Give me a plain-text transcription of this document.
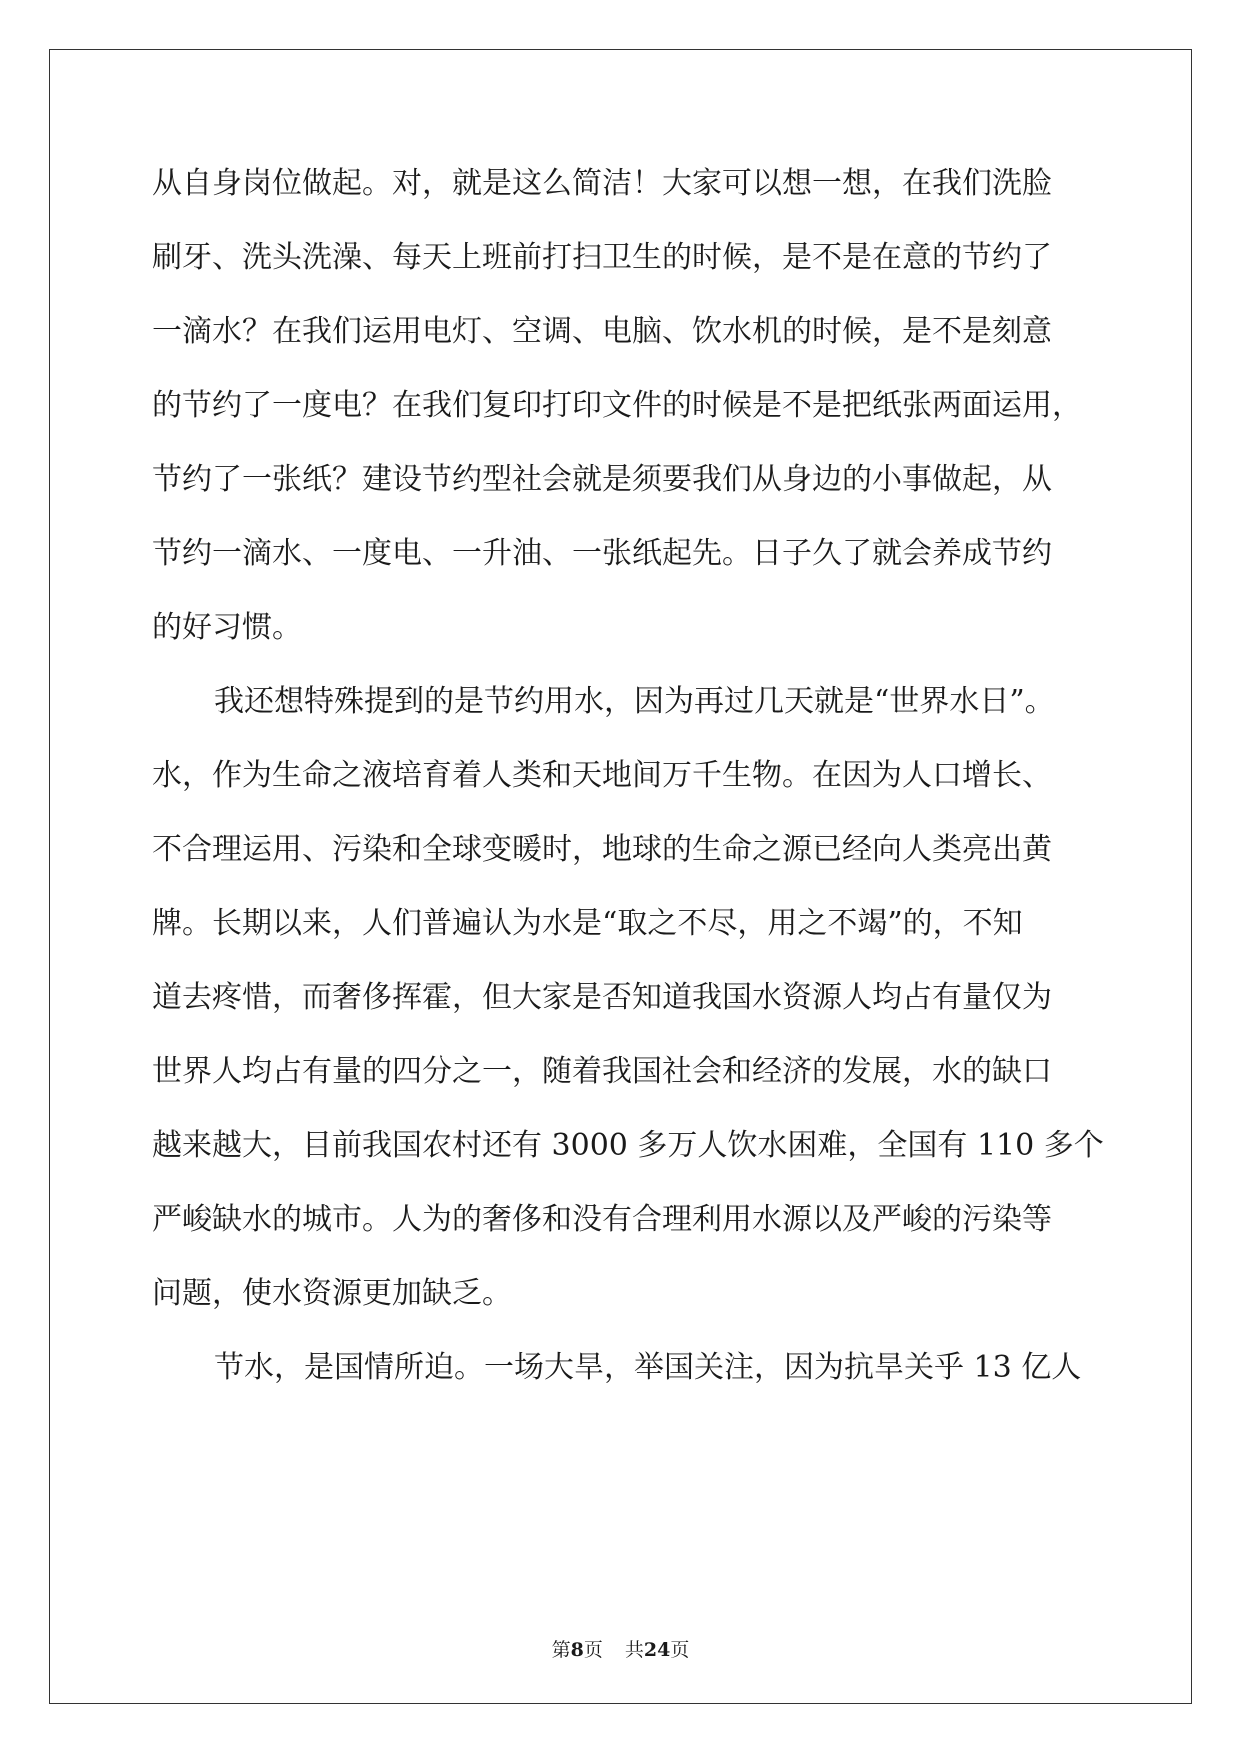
从自身岗位做起。对，就是这么简洁！大家可以想一想，在我们洗脸
刷牙、洗头洗澡、每天上班前打扫卫生的时候，是不是在意的节约了
一滴水？在我们运用电灯、空调、电脑、饮水机的时候，是不是刻意
的节约了一度电？在我们复印打印文件的时候是不是把纸张两面运用，
节约了一张纸？建设节约型社会就是须要我们从身边的小事做起，从
节约一滴水、一度电、一升油、一张纸起先。日子久了就会养成节约
的好习惯。
我还想特殊提到的是节约用水，因为再过几天就是“世界水日”。
水，作为生命之液培育着人类和天地间万千生物。在因为人口增长、
不合理运用、污染和全球变暖时，地球的生命之源已经向人类亮出黄
牌。长期以来，人们普遍认为水是“取之不尽，用之不竭”的，不知
道去疼惜，而奢侈挥霍，但大家是否知道我国水资源人均占有量仅为
世界人均占有量的四分之一，随着我国社会和经济的发展，水的缺口
越来越大，目前我国农村还有 3000 多万人饮水困难，全国有 110 多个
严峻缺水的城市。人为的奢侈和没有合理利用水源以及严峻的污染等
问题，使水资源更加缺乏。
节水，是国情所迫。一场大旱，举国关注，因为抗旱关乎 13 亿人
第8页 共24页
